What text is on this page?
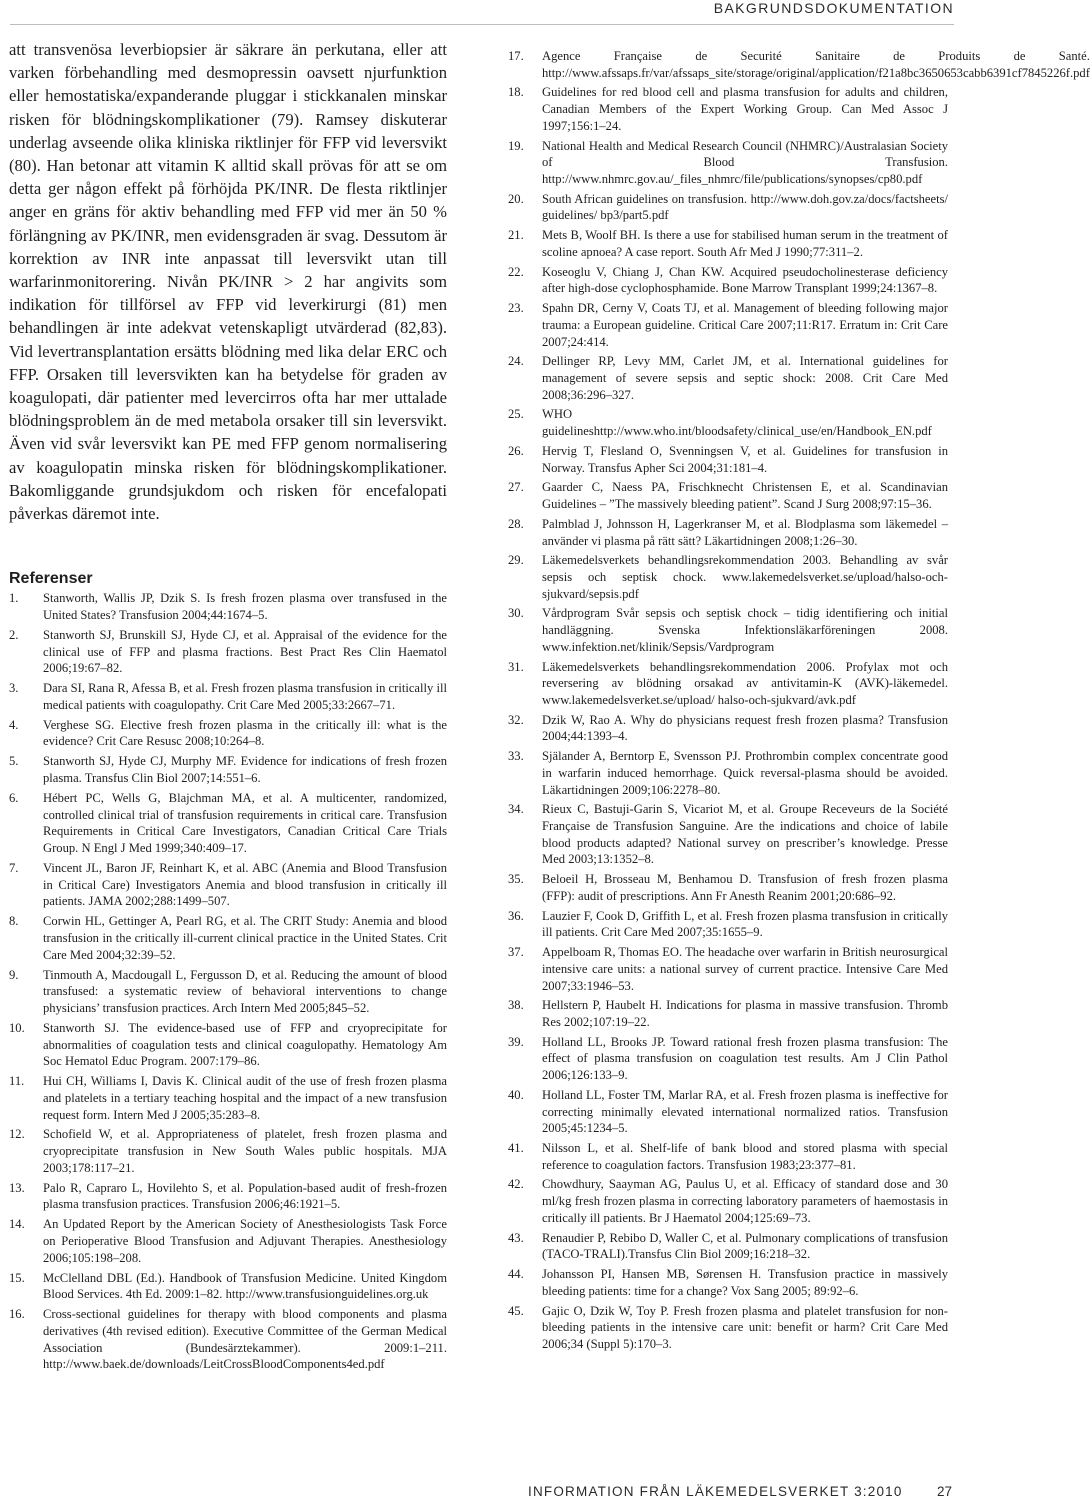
BAKGRUNDSDOKUMENTATION

att transvenösa leverbiopsier är säkrare än perkutana, eller att varken förbehandling med desmopressin oavsett njurfunktion eller hemostatiska/expanderande pluggar i stickkanalen minskar risken för blödningskomplikationer (79). Ramsey diskuterar underlag avseende olika kliniska riktlinjer för FFP vid leversvikt (80). Han betonar att vitamin K alltid skall prövas för att se om detta ger någon effekt på förhöjda PK/INR. De flesta riktlinjer anger en gräns för aktiv behandling med FFP vid mer än 50 % förlängning av PK/INR, men evidensgraden är svag. Dessutom är korrektion av INR inte anpassat till leversvikt utan till warfarinmonitorering. Nivån PK/INR > 2 har angivits som indikation för tillförsel av FFP vid leverkirurgi (81) men behandlingen är inte adekvat vetenskapligt utvärderad (82,83). Vid levertransplantation ersätts blödning med lika delar ERC och FFP. Orsaken till leversvikten kan ha betydelse för graden av koagulopati, där patienter med levercirros ofta har mer uttalade blödningsproblem än de med metabola orsaker till sin leversvikt. Även vid svår leversvikt kan PE med FFP genom normalisering av koagulopatin minska risken för blödningskomplikationer. Bakomliggande grundsjukdom och risken för encefalopati påverkas däremot inte.

Referenser
1.	Stanworth, Wallis JP, Dzik S. Is fresh frozen plasma over transfused in the United States? Transfusion 2004;44:1674–5.
2.	Stanworth SJ, Brunskill SJ, Hyde CJ, et al. Appraisal of the evidence for the clinical use of FFP and plasma fractions. Best Pract Res Clin Haematol 2006;19:67–82.
3.	Dara SI, Rana R, Afessa B, et al. Fresh frozen plasma transfusion in critically ill medical patients with coagulopathy. Crit Care Med 2005;33:2667–71.
4.	Verghese SG. Elective fresh frozen plasma in the critically ill: what is the evidence? Crit Care Resusc 2008;10:264–8.
5.	Stanworth SJ, Hyde CJ, Murphy MF. Evidence for indications of fresh frozen plasma. Transfus Clin Biol 2007;14:551–6.
6.	Hébert PC, Wells G, Blajchman MA, et al. A multicenter, randomized, controlled clinical trial of transfusion requirements in critical care. Transfusion Requirements in Critical Care Investigators, Canadian Critical Care Trials Group. N Engl J Med 1999;340:409–17.
7.	Vincent JL, Baron JF, Reinhart K, et al. ABC (Anemia and Blood Transfusion in Critical Care) Investigators Anemia and blood transfusion in critically ill patients. JAMA 2002;288:1499–507.
8.	Corwin HL, Gettinger A, Pearl RG, et al. The CRIT Study: Anemia and blood transfusion in the critically ill-current clinical practice in the United States. Crit Care Med 2004;32:39–52.
9.	Tinmouth A, Macdougall L, Fergusson D, et al. Reducing the amount of blood transfused: a systematic review of behavioral interventions to change physicians’ transfusion practices. Arch Intern Med 2005;845–52.
10.	Stanworth SJ. The evidence-based use of FFP and cryoprecipitate for abnormalities of coagulation tests and clinical coagulopathy. Hematology Am Soc Hematol Educ Program. 2007:179–86.
11.	Hui CH, Williams I, Davis K. Clinical audit of the use of fresh frozen plasma and platelets in a tertiary teaching hospital and the impact of a new transfusion request form. Intern Med J 2005;35:283–8.
12.	Schofield W, et al. Appropriateness of platelet, fresh frozen plasma and cryoprecipitate transfusion in New South Wales public hospitals. MJA 2003;178:117–21.
13.	Palo R, Capraro L, Hovilehto S, et al. Population-based audit of fresh-frozen plasma transfusion practices. Transfusion 2006;46:1921–5.
14.	An Updated Report by the American Society of Anesthesiologists Task Force on Perioperative Blood Transfusion and Adjuvant Therapies. Anesthesiology 2006;105:198–208.
15.	McClelland DBL (Ed.). Handbook of Transfusion Medicine. United Kingdom Blood Services. 4th Ed. 2009:1–82. http://www.transfusionguidelines.org.uk
16.	Cross-sectional guidelines for therapy with blood components and plasma derivatives (4th revised edition). Executive Committee of the German Medical Association (Bundesärztekammer). 2009:1–211. http://www.baek.de/downloads/LeitCrossBloodComponents4ed.pdf
17.	Agence Française de Securité Sanitaire de Produits de Santé. http://www.afssaps.fr/var/afssaps_site/storage/original/application/f21a8bc3650653cabb6391cf7845226f.pdf
18.	Guidelines for red blood cell and plasma transfusion for adults and children, Canadian Members of the Expert Working Group. Can Med Assoc J 1997;156:1–24.
19.	National Health and Medical Research Council (NHMRC)/Australasian Society of Blood Transfusion. http://www.nhmrc.gov.au/_files_nhmrc/file/publications/synopses/cp80.pdf
20.	South African guidelines on transfusion. http://www.doh.gov.za/docs/factsheets/ guidelines/ bp3/part5.pdf
21.	Mets B, Woolf BH. Is there a use for stabilised human serum in the treatment of scoline apnoea? A case report. South Afr Med J 1990;77:311–2.
22.	Koseoglu V, Chiang J, Chan KW. Acquired pseudocholinesterase deficiency after high-dose cyclophosphamide. Bone Marrow Transplant 1999;24:1367–8.
23.	Spahn DR, Cerny V, Coats TJ, et al. Management of bleeding following major trauma: a European guideline. Critical Care 2007;11:R17. Erratum in: Crit Care 2007;24:414.
24.	Dellinger RP, Levy MM, Carlet JM, et al. International guidelines for management of severe sepsis and septic shock: 2008. Crit Care Med 2008;36:296–327.
25.	WHO guidelineshttp://www.who.int/bloodsafety/clinical_use/en/Handbook_EN.pdf
26.	Hervig T, Flesland O, Svenningsen V, et al. Guidelines for transfusion in Norway. Transfus Apher Sci 2004;31:181–4.
27.	Gaarder C, Naess PA, Frischknecht Christensen E, et al. Scandinavian Guidelines – ”The massively bleeding patient”. Scand J Surg 2008;97:15–36.
28.	Palmblad J, Johnsson H, Lagerkranser M, et al. Blodplasma som läkemedel – använder vi plasma på rätt sätt? Läkartidningen 2008;1:26–30.
29.	Läkemedelsverkets behandlingsrekommendation 2003. Behandling av svår sepsis och septisk chock. www.lakemedelsverket.se/upload/halso-och-sjukvard/sepsis.pdf
30.	Vårdprogram Svår sepsis och septisk chock – tidig identifiering och initial handläggning. Svenska Infektionsläkarföreningen 2008. www.infektion.net/klinik/Sepsis/Vardprogram
31.	Läkemedelsverkets behandlingsrekommendation 2006. Profylax mot och reversering av blödning orsakad av antivitamin-K (AVK)-läkemedel. www.lakemedelsverket.se/upload/ halso-och-sjukvard/avk.pdf
32.	Dzik W, Rao A. Why do physicians request fresh frozen plasma? Transfusion 2004;44:1393–4.
33.	Själander A, Berntorp E, Svensson PJ. Prothrombin complex concentrate good in warfarin induced hemorrhage. Quick reversal-plasma should be avoided. Läkartidningen 2009;106:2278–80.
34.	Rieux C, Bastuji-Garin S, Vicariot M, et al. Groupe Receveurs de la Société Française de Transfusion Sanguine. Are the indications and choice of labile blood products adapted? National survey on prescriber’s knowledge. Presse Med 2003;13:1352–8.
35.	Beloeil H, Brosseau M, Benhamou D. Transfusion of fresh frozen plasma (FFP): audit of prescriptions. Ann Fr Anesth Reanim 2001;20:686–92.
36.	Lauzier F, Cook D, Griffith L, et al. Fresh frozen plasma transfusion in critically ill patients. Crit Care Med 2007;35:1655–9.
37.	Appelboam R, Thomas EO. The headache over warfarin in British neurosurgical intensive care units: a national survey of current practice. Intensive Care Med 2007;33:1946–53.
38.	Hellstern P, Haubelt H. Indications for plasma in massive transfusion. Thromb Res 2002;107:19–22.
39.	Holland LL, Brooks JP. Toward rational fresh frozen plasma transfusion: The effect of plasma transfusion on coagulation test results. Am J Clin Pathol 2006;126:133–9.
40.	Holland LL, Foster TM, Marlar RA, et al. Fresh frozen plasma is ineffective for correcting minimally elevated international normalized ratios. Transfusion 2005;45:1234–5.
41.	Nilsson L, et al. Shelf-life of bank blood and stored plasma with special reference to coagulation factors. Transfusion 1983;23:377–81.
42.	Chowdhury, Saayman AG, Paulus U, et al. Efficacy of standard dose and 30 ml/kg fresh frozen plasma in correcting laboratory parameters of haemostasis in critically ill patients. Br J Haematol 2004;125:69–73.
43.	Renaudier P, Rebibo D, Waller C, et al. Pulmonary complications of transfusion (TACO-TRALI).Transfus Clin Biol 2009;16:218–32.
44.	Johansson PI, Hansen MB, Sørensen H. Transfusion practice in massively bleeding patients: time for a change? Vox Sang 2005; 89:92–6.
45.	Gajic O, Dzik W, Toy P. Fresh frozen plasma and platelet transfusion for non-bleeding patients in the intensive care unit: benefit or harm? Crit Care Med 2006;34 (Suppl 5):170–3.
INFORMATION FRÅN LÄKEMEDELSVERKET 3:2010	27
